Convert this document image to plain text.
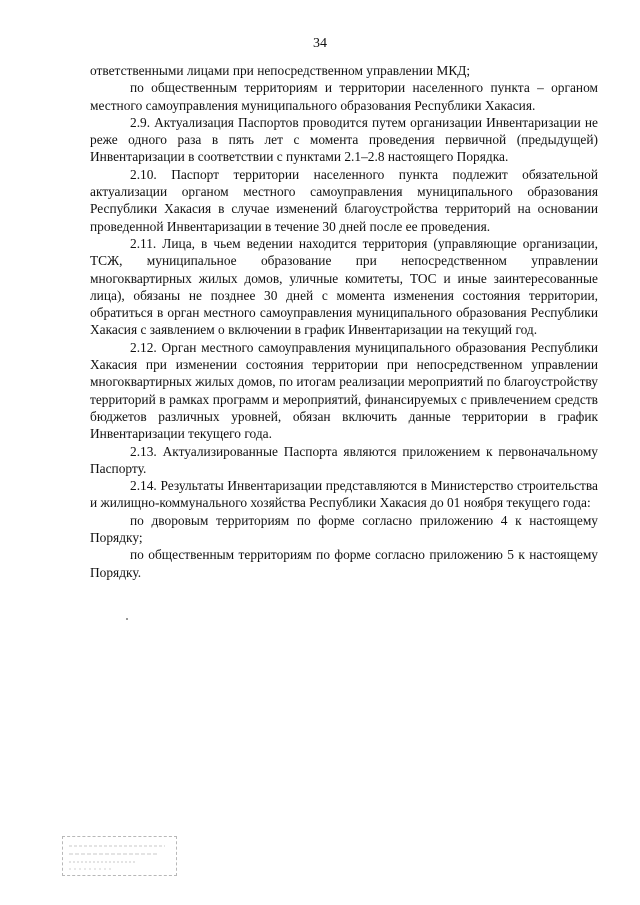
34

ответственными лицами при непосредственном управлении МКД;

по общественным территориям и территории населенного пункта – органом местного самоуправления муниципального образования Республики Хакасия.

2.9. Актуализация Паспортов проводится путем организации Инвентаризации не реже одного раза в пять лет с момента проведения первичной (предыдущей) Инвентаризации в соответствии с пунктами 2.1–2.8 настоящего Порядка.

2.10. Паспорт территории населенного пункта подлежит обязательной актуализации органом местного самоуправления муниципального образования Республики Хакасия в случае изменений благоустройства территорий на основании проведенной Инвентаризации в течение 30 дней после ее проведения.

2.11. Лица, в чьем ведении находится территория (управляющие организации, ТСЖ, муниципальное образование при непосредственном управлении многоквартирных жилых домов, уличные комитеты, ТОС и иные заинтересованные лица), обязаны не позднее 30 дней с момента изменения состояния территории, обратиться в орган местного самоуправления муниципального образования Республики Хакасия с заявлением о включении в график Инвентаризации на текущий год.

2.12. Орган местного самоуправления муниципального образования Республики Хакасия при изменении состояния территории при непосредственном управлении многоквартирных жилых домов, по итогам реализации мероприятий по благоустройству территорий в рамках программ и мероприятий, финансируемых с привлечением средств бюджетов различных уровней, обязан включить данные территории в график Инвентаризации текущего года.

2.13. Актуализированные Паспорта являются приложением к первоначальному Паспорту.

2.14. Результаты Инвентаризации представляются в Министерство строительства и жилищно-коммунального хозяйства Республики Хакасия до 01 ноября текущего года:

по дворовым территориям по форме согласно приложению 4 к настоящему Порядку;

по общественным территориям по форме согласно приложению 5 к настоящему Порядку.
